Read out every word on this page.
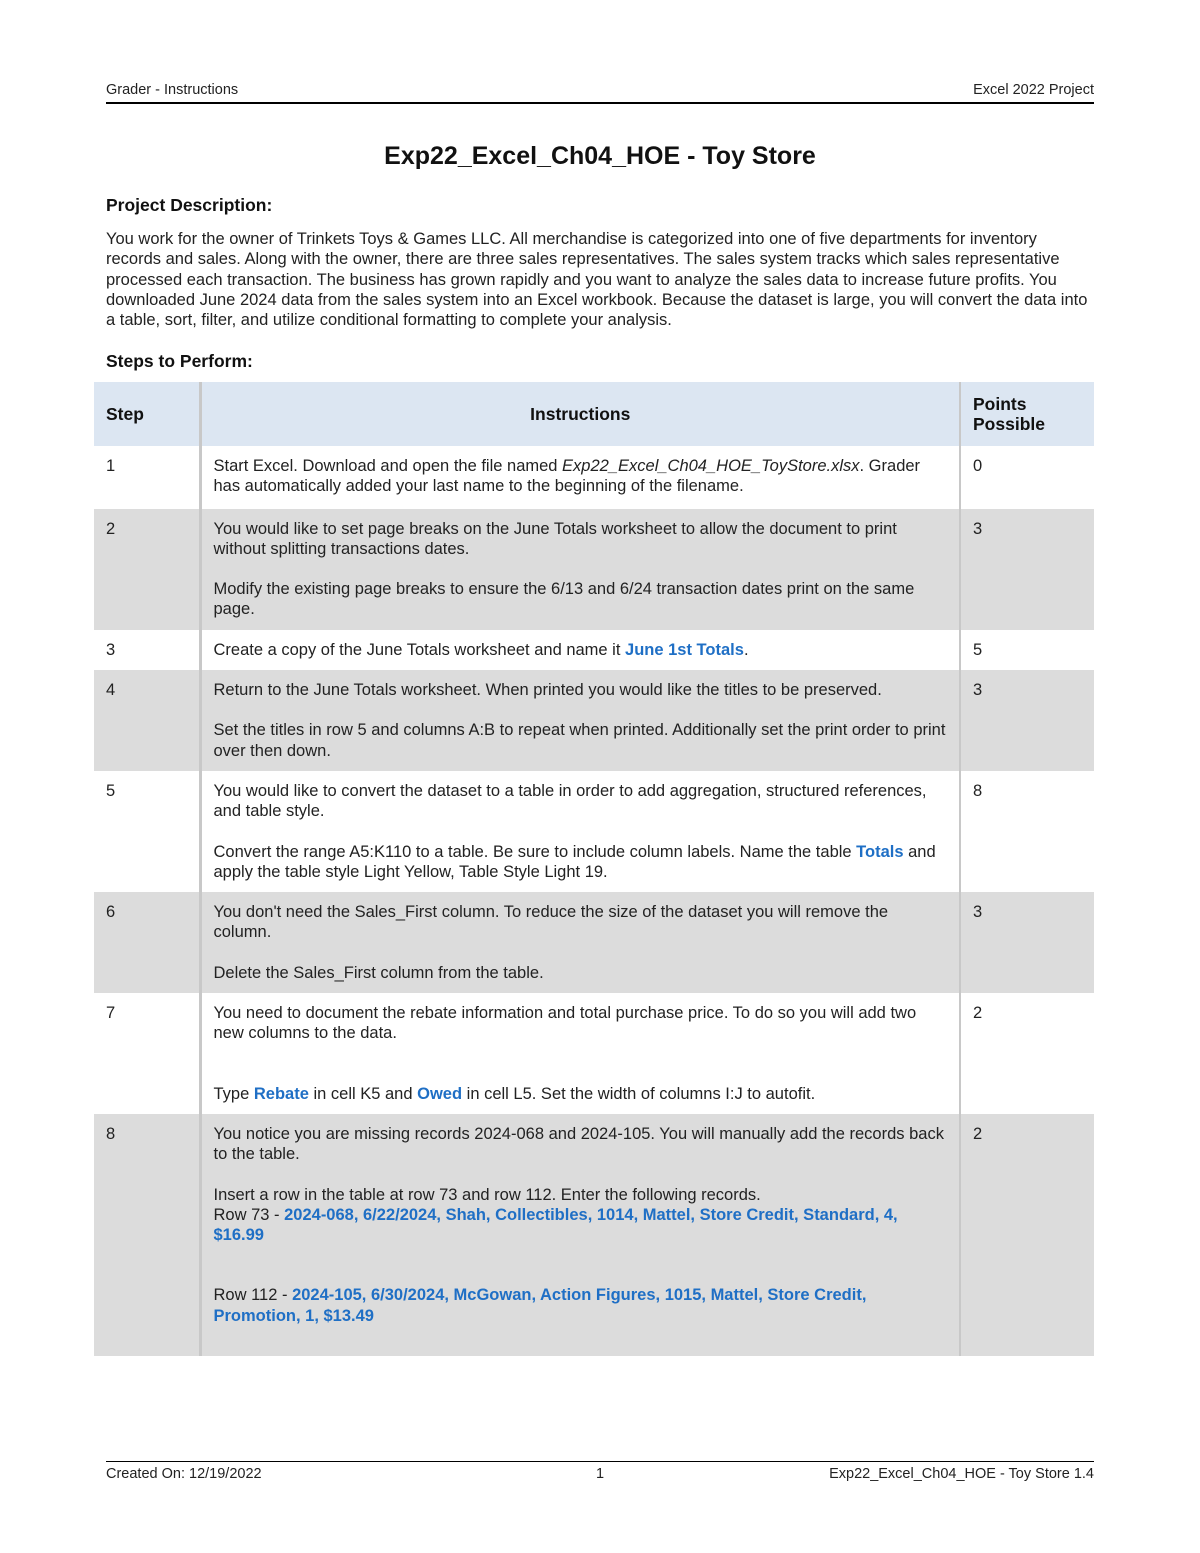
Grader - Instructions	Excel 2022 Project
Exp22_Excel_Ch04_HOE - Toy Store
Project Description:
You work for the owner of Trinkets Toys & Games LLC. All merchandise is categorized into one of five departments for inventory records and sales. Along with the owner, there are three sales representatives. The sales system tracks which sales representative processed each transaction. The business has grown rapidly and you want to analyze the sales data to increase future profits. You downloaded June 2024 data from the sales system into an Excel workbook. Because the dataset is large, you will convert the data into a table, sort, filter, and utilize conditional formatting to complete your analysis.
Steps to Perform:
Step	Instructions	Points Possible
1	Start Excel. Download and open the file named Exp22_Excel_Ch04_HOE_ToyStore.xlsx. Grader has automatically added your last name to the beginning of the filename.	0
2	You would like to set page breaks on the June Totals worksheet to allow the document to print without splitting transactions dates.

Modify the existing page breaks to ensure the 6/13 and 6/24 transaction dates print on the same page.	3
3	Create a copy of the June Totals worksheet and name it June 1st Totals.	5
4	Return to the June Totals worksheet. When printed you would like the titles to be preserved.

Set the titles in row 5 and columns A:B to repeat when printed. Additionally set the print order to print over then down.	3
5	You would like to convert the dataset to a table in order to add aggregation, structured references, and table style.

Convert the range A5:K110 to a table. Be sure to include column labels. Name the table Totals and apply the table style Light Yellow, Table Style Light 19.	8
6	You don't need the Sales_First column. To reduce the size of the dataset you will remove the column.

Delete the Sales_First column from the table.	3
7	You need to document the rebate information and total purchase price. To do so you will add two new columns to the data.

Type Rebate in cell K5 and Owed in cell L5. Set the width of columns I:J to autofit.	2
8	You notice you are missing records 2024-068 and 2024-105. You will manually add the records back to the table.

Insert a row in the table at row 73 and row 112. Enter the following records.

Row 73 - 2024-068, 6/22/2024, Shah, Collectibles, 1014, Mattel, Store Credit, Standard, 4, $16.99

Row 112 - 2024-105, 6/30/2024, McGowan, Action Figures, 1015, Mattel, Store Credit, Promotion, 1, $13.49	2
Created On: 12/19/2022	1	Exp22_Excel_Ch04_HOE - Toy Store 1.4
